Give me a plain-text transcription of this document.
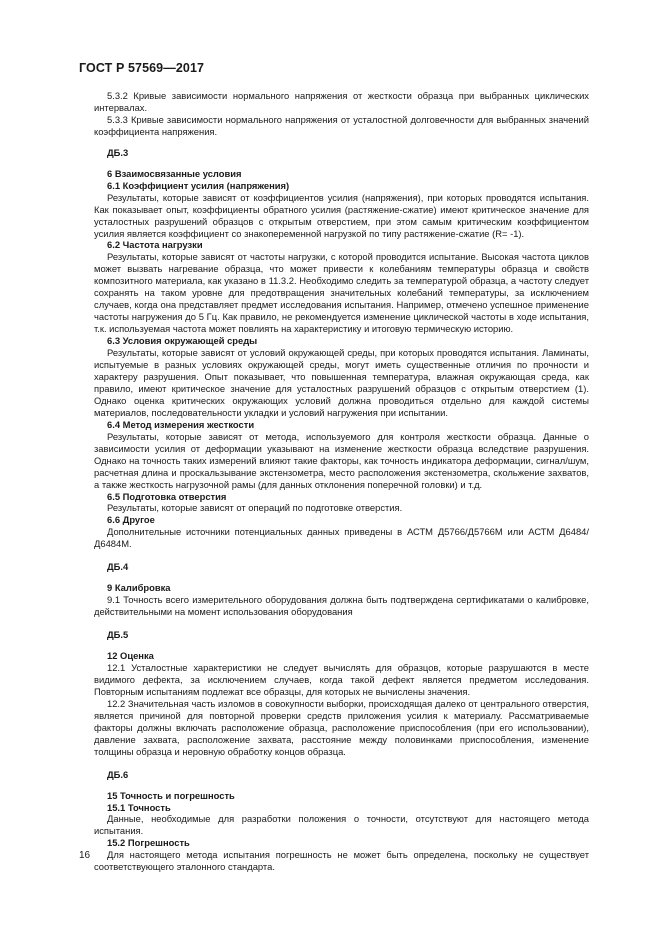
ГОСТ Р 57569—2017

5.3.2 Кривые зависимости нормального напряжения от жесткости образца при выбранных циклических интервалах.

5.3.3 Кривые зависимости нормального напряжения от усталостной долговечности для выбранных значений коэффициента напряжения.

ДБ.3
6 Взаимосвязанные условия
6.1 Коэффициент усилия (напряжения)

Результаты, которые зависят от коэффициентов усилия (напряжения), при которых проводятся испытания. Как показывает опыт, коэффициенты обратного усилия (растяжение-сжатие) имеют критическое значение для усталостных разрушений образцов с открытым отверстием, при этом самым критическим коэффициентом усилия является коэффициент со знакопеременной нагрузкой по типу растяжение-сжатие (R= -1).

6.2 Частота нагрузки

Результаты, которые зависят от частоты нагрузки, с которой проводится испытание. Высокая частота циклов может вызвать нагревание образца, что может привести к колебаниям температуры образца и свойств композитного материала, как указано в 11.3.2. Необходимо следить за температурой образца, а частоту следует сохранять на таком уровне для предотвращения значительных колебаний температуры, за исключением случаев, когда она представляет предмет исследования испытания. Например, отмечено успешное применение частоты нагружения до 5 Гц. Как правило, не рекомендуется изменение циклической частоты в ходе испытания, т.к. используемая частота может повлиять на характеристику и итоговую термическую историю.

6.3 Условия окружающей среды

Результаты, которые зависят от условий окружающей среды, при которых проводятся испытания. Ламинаты, испытуемые в разных условиях окружающей среды, могут иметь существенные отличия по прочности и характеру разрушения. Опыт показывает, что повышенная температура, влажная окружающая среда, как правило, имеют критическое значение для усталостных разрушений образцов с открытым отверстием (1). Однако оценка критических окружающих условий должна проводиться отдельно для каждой системы материалов, последовательности укладки и условий нагружения при испытании.

6.4 Метод измерения жесткости

Результаты, которые зависят от метода, используемого для контроля жесткости образца. Данные о зависимости усилия от деформации указывают на изменение жесткости образца вследствие разрушения. Однако на точность таких измерений влияют такие факторы, как точность индикатора деформации, сигнал/шум, расчетная длина и проскальзывание экстензометра, место расположения экстензометра, скольжение захватов, а также жесткость нагрузочной рамы (для данных отклонения поперечной головки) и т.д.

6.5 Подготовка отверстия

Результаты, которые зависят от операций по подготовке отверстия.

6.6 Другое

Дополнительные источники потенциальных данных приведены в АСТМ Д5766/Д5766М или АСТМ Д6484/Д6484М.

ДБ.4
9 Калибровка

9.1 Точность всего измерительного оборудования должна быть подтверждена сертификатами о калибровке, действительными на момент использования оборудования

ДБ.5
12 Оценка

12.1 Усталостные характеристики не следует вычислять для образцов, которые разрушаются в месте видимого дефекта, за исключением случаев, когда такой дефект является предметом исследования. Повторным испытаниям подлежат все образцы, для которых не вычислены значения.

12.2 Значительная часть изломов в совокупности выборки, происходящая далеко от центрального отверстия, является причиной для повторной проверки средств приложения усилия к материалу. Рассматриваемые факторы должны включать расположение образца, расположение приспособления (при его использовании), давление захвата, расположение захвата, расстояние между половинками приспособления, изменение толщины образца и неровную обработку концов образца.

ДБ.6
15 Точность и погрешность
15.1 Точность

Данные, необходимые для разработки положения о точности, отсутствуют для настоящего метода испытания.

15.2 Погрешность

Для настоящего метода испытания погрешность не может быть определена, поскольку не существует соответствующего эталонного стандарта.

16
